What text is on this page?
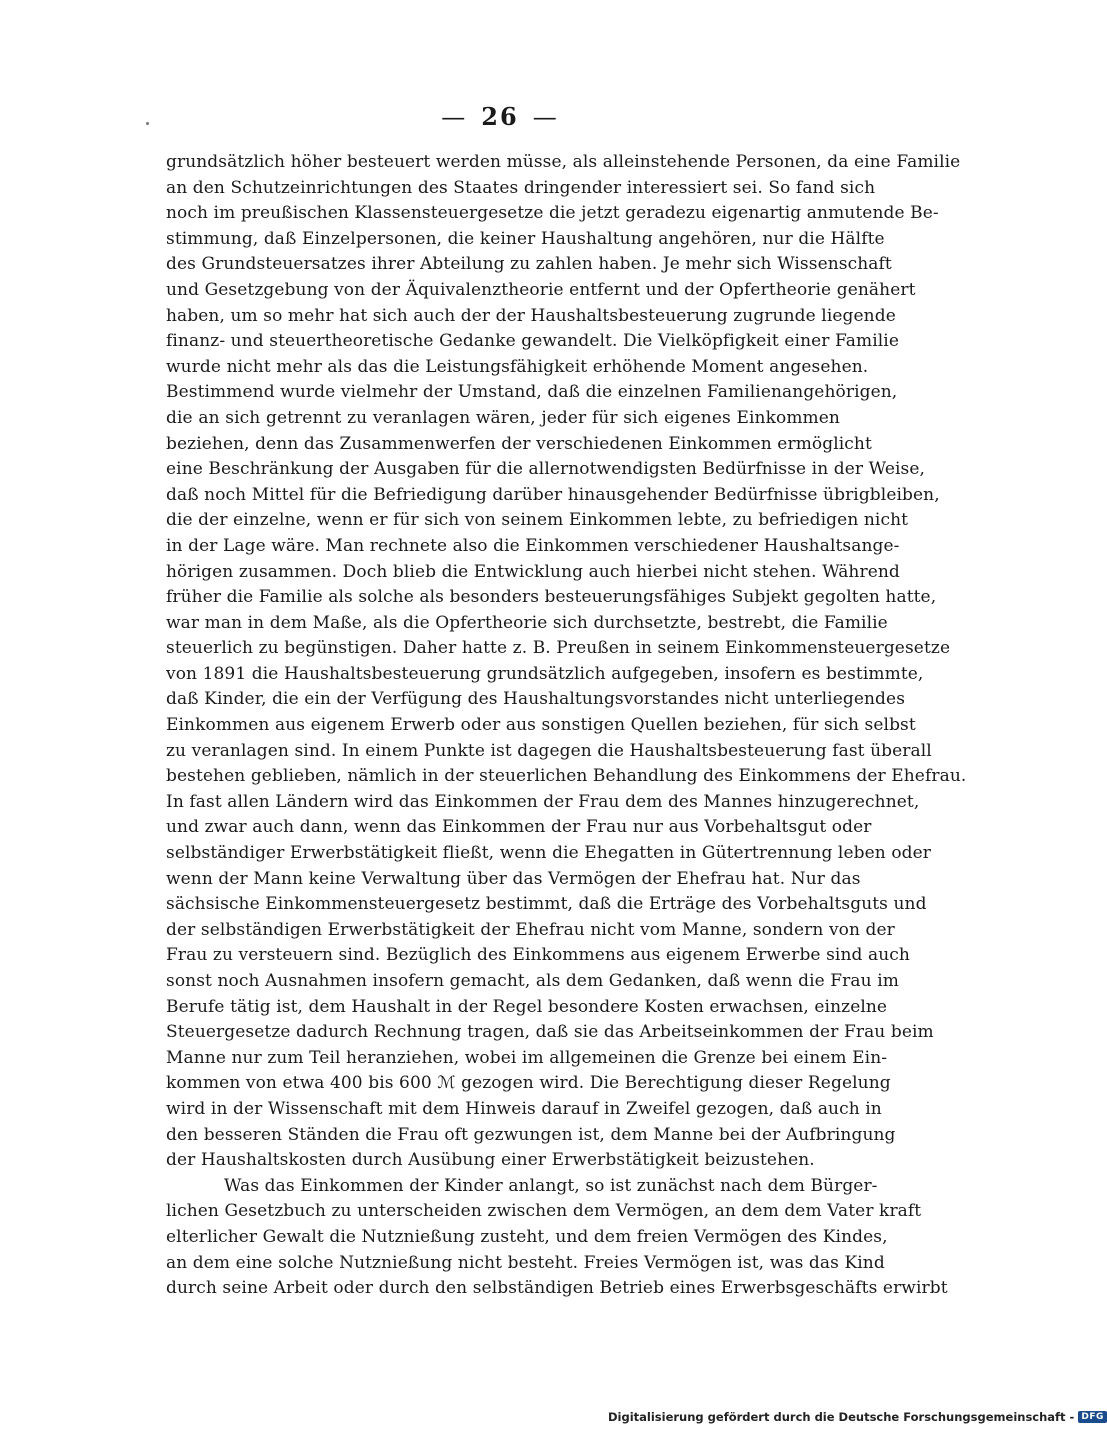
— 26 —
grundsätzlich höher besteuert werden müsse, als alleinstehende Personen, da eine Familie
an den Schutzeinrichtungen des Staates dringender interessiert sei. So fand sich
noch im preußischen Klassensteuergesetze die jetzt geradezu eigenartig anmutende Be-
stimmung, daß Einzelpersonen, die keiner Haushaltung angehören, nur die Hälfte
des Grundsteuersatzes ihrer Abteilung zu zahlen haben. Je mehr sich Wissenschaft
und Gesetzgebung von der Äquivalenztheorie entfernt und der Opfertheorie genähert
haben, um so mehr hat sich auch der der Haushaltsbesteuerung zugrunde liegende
finanz- und steuertheoretische Gedanke gewandelt. Die Vielköpfigkeit einer Familie
wurde nicht mehr als das die Leistungsfähigkeit erhöhende Moment angesehen.
Bestimmend wurde vielmehr der Umstand, daß die einzelnen Familienangehörigen,
die an sich getrennt zu veranlagen wären, jeder für sich eigenes Einkommen
beziehen, denn das Zusammenwerfen der verschiedenen Einkommen ermöglicht
eine Beschränkung der Ausgaben für die allernotwendigsten Bedürfnisse in der Weise,
daß noch Mittel für die Befriedigung darüber hinausgehender Bedürfnisse übrigbleiben,
die der einzelne, wenn er für sich von seinem Einkommen lebte, zu befriedigen nicht
in der Lage wäre. Man rechnete also die Einkommen verschiedener Haushaltsange-
hörigen zusammen. Doch blieb die Entwicklung auch hierbei nicht stehen. Während
früher die Familie als solche als besonders besteuerungsfähiges Subjekt gegolten hatte,
war man in dem Maße, als die Opfertheorie sich durchsetzte, bestrebt, die Familie
steuerlich zu begünstigen. Daher hatte z. B. Preußen in seinem Einkommensteuergesetze
von 1891 die Haushaltsbesteuerung grundsätzlich aufgegeben, insofern es bestimmte,
daß Kinder, die ein der Verfügung des Haushaltungsvorstandes nicht unterliegendes
Einkommen aus eigenem Erwerb oder aus sonstigen Quellen beziehen, für sich selbst
zu veranlagen sind. In einem Punkte ist dagegen die Haushaltsbesteuerung fast überall
bestehen geblieben, nämlich in der steuerlichen Behandlung des Einkommens der Ehefrau.
In fast allen Ländern wird das Einkommen der Frau dem des Mannes hinzugerechnet,
und zwar auch dann, wenn das Einkommen der Frau nur aus Vorbehaltsgut oder
selbständiger Erwerbstätigkeit fließt, wenn die Ehegatten in Gütertrennung leben oder
wenn der Mann keine Verwaltung über das Vermögen der Ehefrau hat. Nur das
sächsische Einkommensteuergesetz bestimmt, daß die Erträge des Vorbehaltsguts und
der selbständigen Erwerbstätigkeit der Ehefrau nicht vom Manne, sondern von der
Frau zu versteuern sind. Bezüglich des Einkommens aus eigenem Erwerbe sind auch
sonst noch Ausnahmen insofern gemacht, als dem Gedanken, daß wenn die Frau im
Berufe tätig ist, dem Haushalt in der Regel besondere Kosten erwachsen, einzelne
Steuergesetze dadurch Rechnung tragen, daß sie das Arbeitseinkommen der Frau beim
Manne nur zum Teil heranziehen, wobei im allgemeinen die Grenze bei einem Ein-
kommen von etwa 400 bis 600 ℳ gezogen wird. Die Berechtigung dieser Regelung
wird in der Wissenschaft mit dem Hinweis darauf in Zweifel gezogen, daß auch in
den besseren Ständen die Frau oft gezwungen ist, dem Manne bei der Aufbringung
der Haushaltskosten durch Ausübung einer Erwerbstätigkeit beizustehen.
Was das Einkommen der Kinder anlangt, so ist zunächst nach dem Bürger-
lichen Gesetzbuch zu unterscheiden zwischen dem Vermögen, an dem dem Vater kraft
elterlicher Gewalt die Nutznießung zusteht, und dem freien Vermögen des Kindes,
an dem eine solche Nutznießung nicht besteht. Freies Vermögen ist, was das Kind
durch seine Arbeit oder durch den selbständigen Betrieb eines Erwerbsgeschäfts erwirbt
Digitalisierung gefördert durch die Deutsche Forschungsgemeinschaft - DFG
